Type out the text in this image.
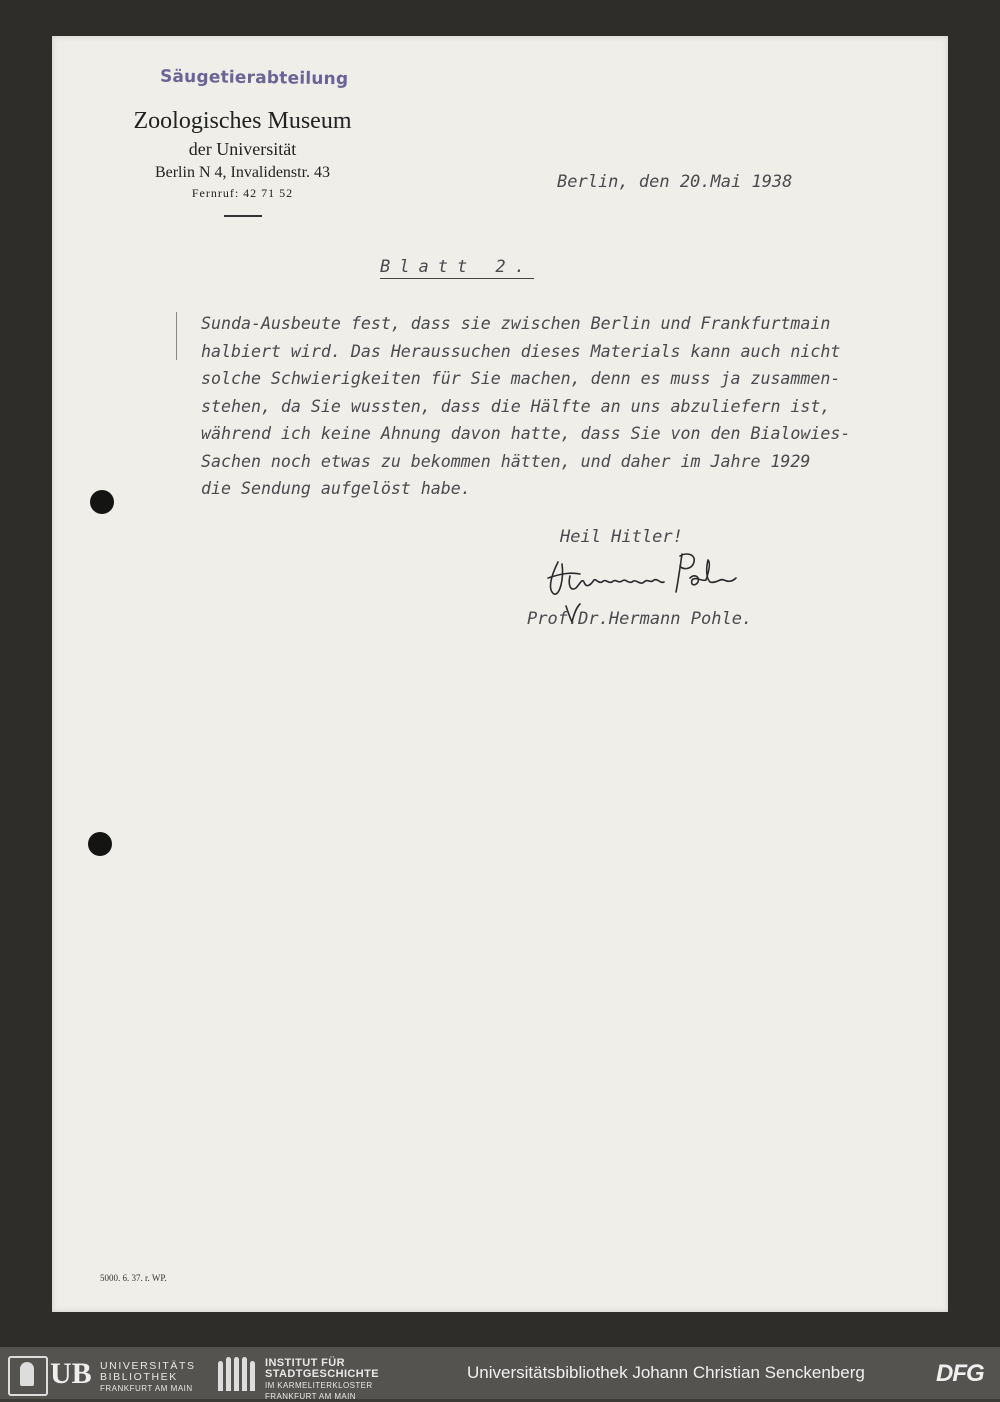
Säugetierabteilung
Zoologisches Museum
der Universität
Berlin N 4, Invalidenstr. 43
Fernruf: 42 71 52
Berlin, den 20.Mai 1938
Blatt 2.

Sunda-Ausbeute fest, dass sie zwischen Berlin und Frankfurtmain

halbiert wird. Das Heraussuchen dieses Materials kann auch nicht

solche Schwierigkeiten für Sie machen, denn es muss ja zusammen-

stehen, da Sie wussten, dass die Hälfte an uns abzuliefern ist,

während ich keine Ahnung davon hatte, dass Sie von den Bialowies-

Sachen noch etwas zu bekommen hätten, und daher im Jahre 1929

die Sendung aufgelöst habe.

Heil Hitler!
Prof.Dr.Hermann Pohle.
5000. 6. 37. r. WP.
UB UNIVERSITÄTS
BIBLIOTHEK
FRANKFURT AM MAIN
INSTITUT FÜR
STADTGESCHICHTE
IM KARMELITERKLOSTER
FRANKFURT AM MAIN
Universitätsbibliothek Johann Christian Senckenberg	DFG
